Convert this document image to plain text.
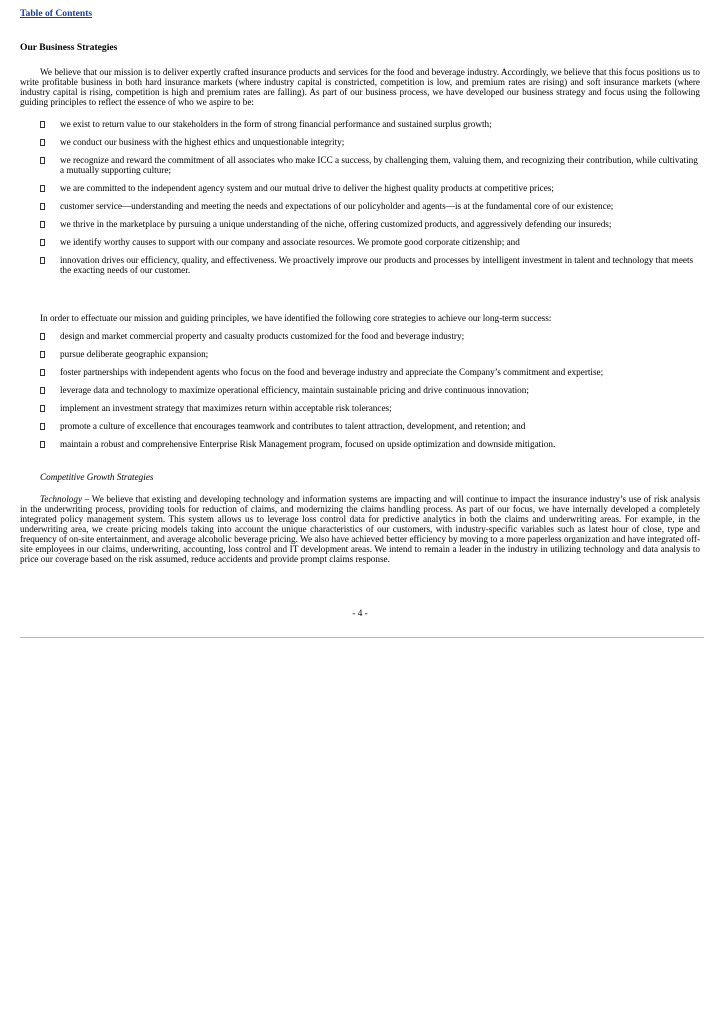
Table of Contents
Our Business Strategies

We believe that our mission is to deliver expertly crafted insurance products and services for the food and beverage industry. Accordingly, we believe that this focus positions us to write profitable business in both hard insurance markets (where industry capital is constricted, competition is low, and premium rates are rising) and soft insurance markets (where industry capital is rising, competition is high and premium rates are falling). As part of our business process, we have developed our business strategy and focus using the following guiding principles to reflect the essence of who we aspire to be:

we exist to return value to our stakeholders in the form of strong financial performance and sustained surplus growth;
we conduct our business with the highest ethics and unquestionable integrity;
we recognize and reward the commitment of all associates who make ICC a success, by challenging them, valuing them, and recognizing their contribution, while cultivating a mutually supporting culture;
we are committed to the independent agency system and our mutual drive to deliver the highest quality products at competitive prices;
customer service—understanding and meeting the needs and expectations of our policyholder and agents—is at the fundamental core of our existence;
we thrive in the marketplace by pursuing a unique understanding of the niche, offering customized products, and aggressively defending our insureds;
we identify worthy causes to support with our company and associate resources. We promote good corporate citizenship; and
innovation drives our efficiency, quality, and effectiveness. We proactively improve our products and processes by intelligent investment in talent and technology that meets the exacting needs of our customer.

In order to effectuate our mission and guiding principles, we have identified the following core strategies to achieve our long-term success:

design and market commercial property and casualty products customized for the food and beverage industry;
pursue deliberate geographic expansion;
foster partnerships with independent agents who focus on the food and beverage industry and appreciate the Company’s commitment and expertise;
leverage data and technology to maximize operational efficiency, maintain sustainable pricing and drive continuous innovation;
implement an investment strategy that maximizes return within acceptable risk tolerances;
promote a culture of excellence that encourages teamwork and contributes to talent attraction, development, and retention; and
maintain a robust and comprehensive Enterprise Risk Management program, focused on upside optimization and downside mitigation.
Competitive Growth Strategies

Technology – We believe that existing and developing technology and information systems are impacting and will continue to impact the insurance industry’s use of risk analysis in the underwriting process, providing tools for reduction of claims, and modernizing the claims handling process. As part of our focus, we have internally developed a completely integrated policy management system. This system allows us to leverage loss control data for predictive analytics in both the claims and underwriting areas. For example, in the underwriting area, we create pricing models taking into account the unique characteristics of our customers, with industry-specific variables such as latest hour of close, type and frequency of on-site entertainment, and average alcoholic beverage pricing. We also have achieved better efficiency by moving to a more paperless organization and have integrated off-site employees in our claims, underwriting, accounting, loss control and IT development areas. We intend to remain a leader in the industry in utilizing technology and data analysis to price our coverage based on the risk assumed, reduce accidents and provide prompt claims response.

- 4 -
